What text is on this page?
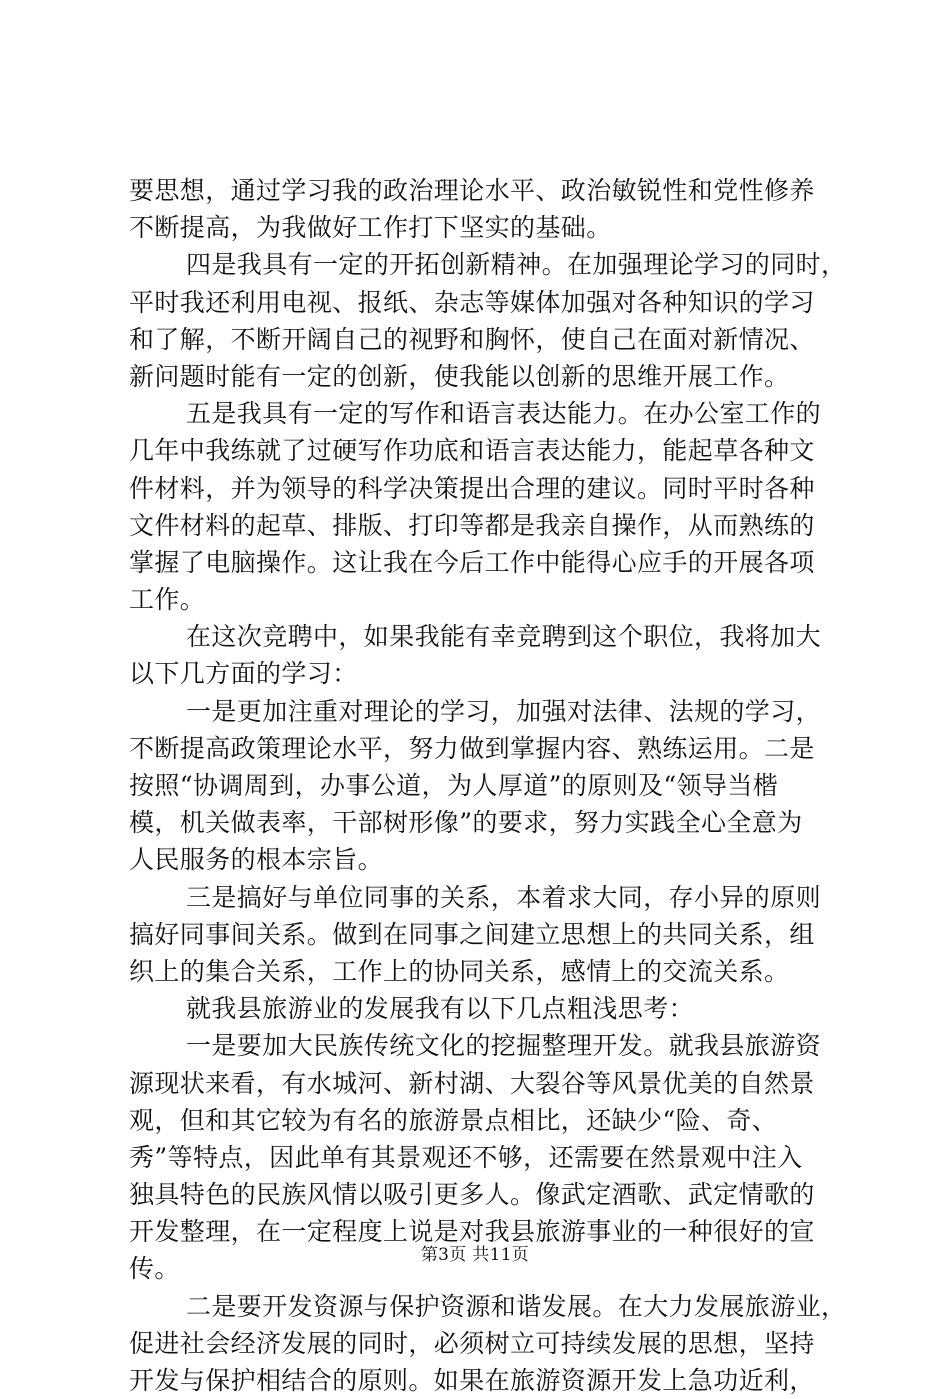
要思想，通过学习我的政治理论水平、政治敏锐性和党性修养
不断提高，为我做好工作打下坚实的基础。
四是我具有一定的开拓创新精神。在加强理论学习的同时，
平时我还利用电视、报纸、杂志等媒体加强对各种知识的学习
和了解，不断开阔自己的视野和胸怀，使自己在面对新情况、
新问题时能有一定的创新，使我能以创新的思维开展工作。
五是我具有一定的写作和语言表达能力。在办公室工作的
几年中我练就了过硬写作功底和语言表达能力，能起草各种文
件材料，并为领导的科学决策提出合理的建议。同时平时各种
文件材料的起草、排版、打印等都是我亲自操作，从而熟练的
掌握了电脑操作。这让我在今后工作中能得心应手的开展各项
工作。
在这次竞聘中，如果我能有幸竞聘到这个职位，我将加大
以下几方面的学习：
一是更加注重对理论的学习，加强对法律、法规的学习，
不断提高政策理论水平，努力做到掌握内容、熟练运用。二是
按照“协调周到，办事公道，为人厚道”的原则及“领导当楷
模，机关做表率，干部树形像”的要求，努力实践全心全意为
人民服务的根本宗旨。
三是搞好与单位同事的关系，本着求大同，存小异的原则
搞好同事间关系。做到在同事之间建立思想上的共同关系，组
织上的集合关系，工作上的协同关系，感情上的交流关系。
就我县旅游业的发展我有以下几点粗浅思考：
一是要加大民族传统文化的挖掘整理开发。就我县旅游资
源现状来看，有水城河、新村湖、大裂谷等风景优美的自然景
观，但和其它较为有名的旅游景点相比，还缺少“险、奇、
秀”等特点，因此单有其景观还不够，还需要在然景观中注入
独具特色的民族风情以吸引更多人。像武定酒歌、武定情歌的
开发整理，在一定程度上说是对我县旅游事业的一种很好的宣
传。
二是要开发资源与保护资源和谐发展。在大力发展旅游业，
促进社会经济发展的同时，必须树立可持续发展的思想，坚持
开发与保护相结合的原则。如果在旅游资源开发上急功近利，
第3页 共11页
